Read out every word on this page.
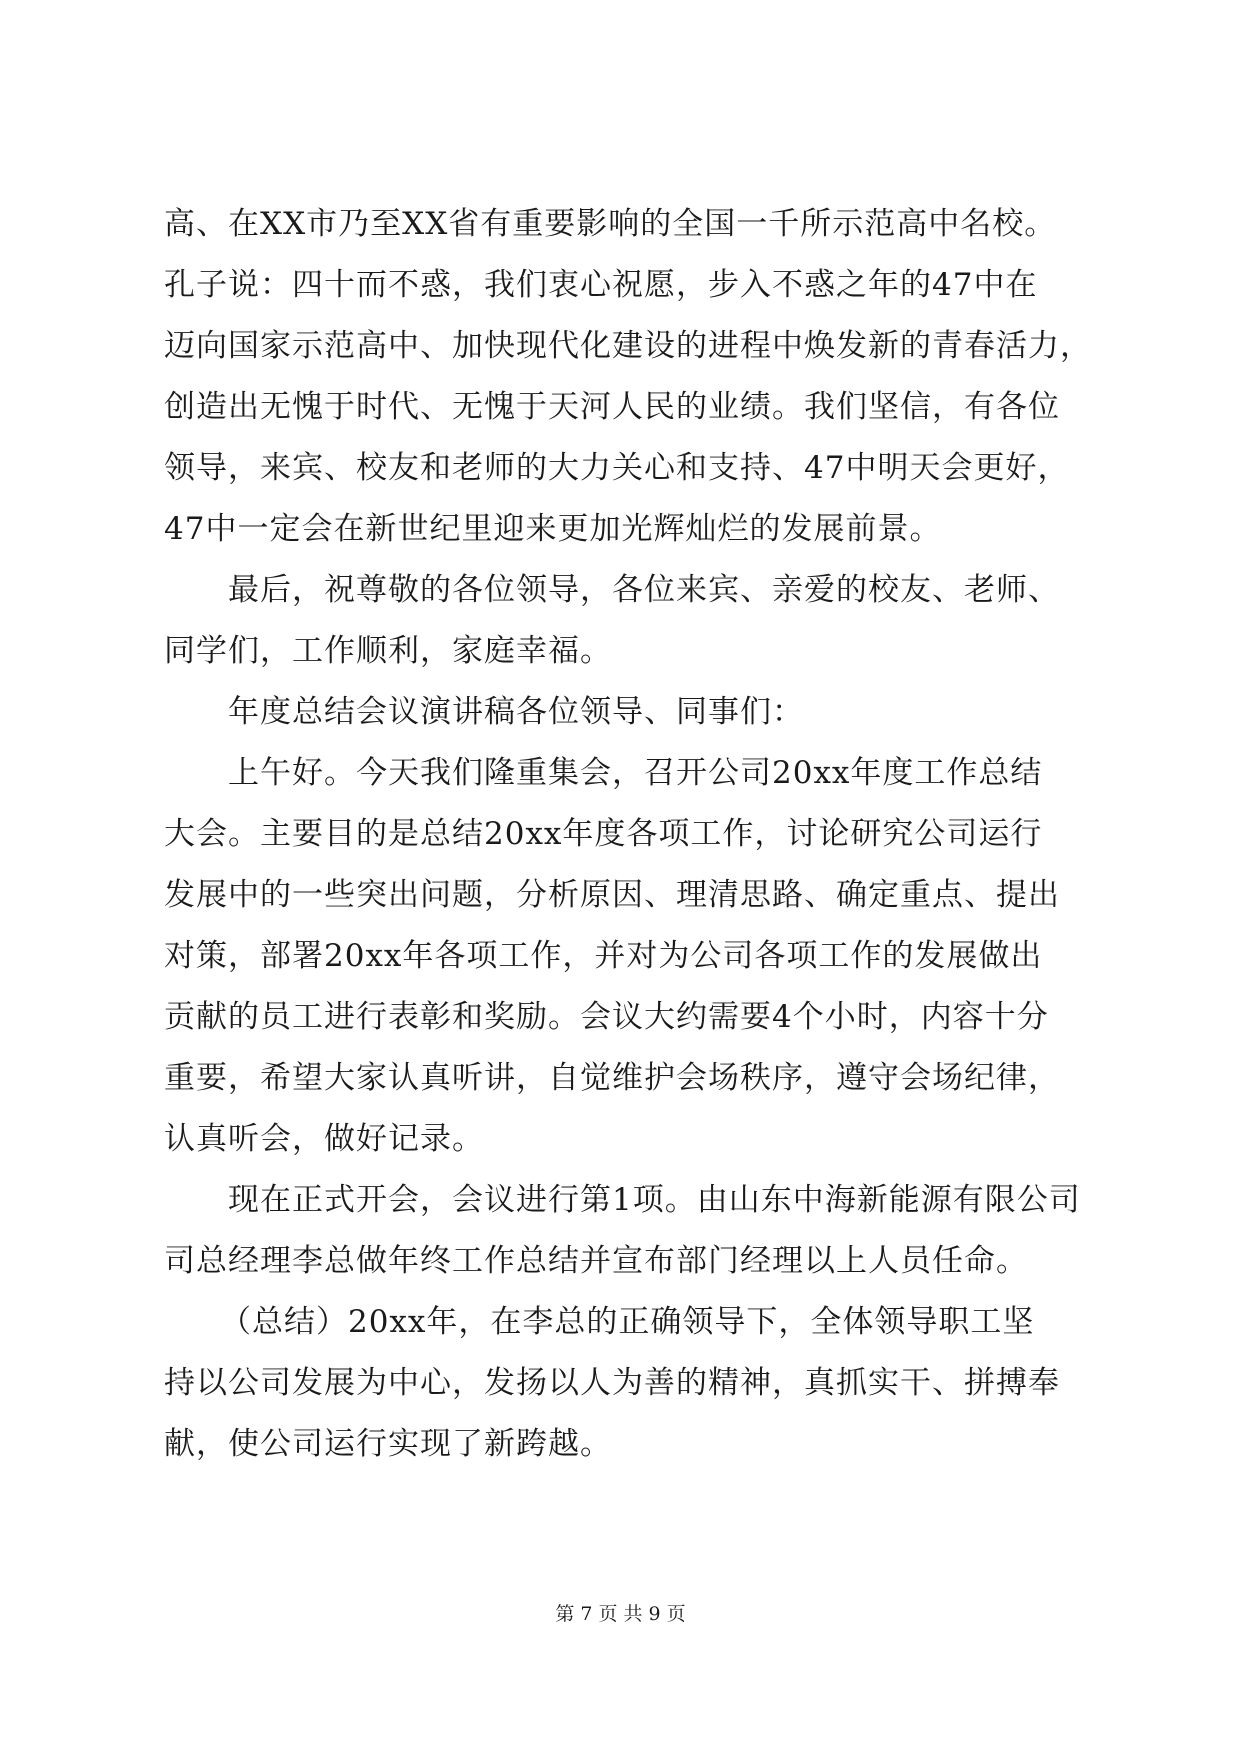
高、在XX市乃至XX省有重要影响的全国一千所示范高中名校。
孔子说：四十而不惑，我们衷心祝愿，步入不惑之年的47中在
迈向国家示范高中、加快现代化建设的进程中焕发新的青春活力，
创造出无愧于时代、无愧于天河人民的业绩。我们坚信，有各位
领导，来宾、校友和老师的大力关心和支持、47中明天会更好，
47中一定会在新世纪里迎来更加光辉灿烂的发展前景。
最后，祝尊敬的各位领导，各位来宾、亲爱的校友、老师、
同学们，工作顺利，家庭幸福。
年度总结会议演讲稿各位领导、同事们：
上午好。今天我们隆重集会，召开公司20xx年度工作总结
大会。主要目的是总结20xx年度各项工作，讨论研究公司运行
发展中的一些突出问题，分析原因、理清思路、确定重点、提出
对策，部署20xx年各项工作，并对为公司各项工作的发展做出
贡献的员工进行表彰和奖励。会议大约需要4个小时，内容十分
重要，希望大家认真听讲，自觉维护会场秩序，遵守会场纪律，
认真听会，做好记录。
现在正式开会，会议进行第1项。由山东中海新能源有限公司
司总经理李总做年终工作总结并宣布部门经理以上人员任命。
（总结）20xx年，在李总的正确领导下，全体领导职工坚
持以公司发展为中心，发扬以人为善的精神，真抓实干、拼搏奉
献，使公司运行实现了新跨越。
第 7 页 共 9 页
